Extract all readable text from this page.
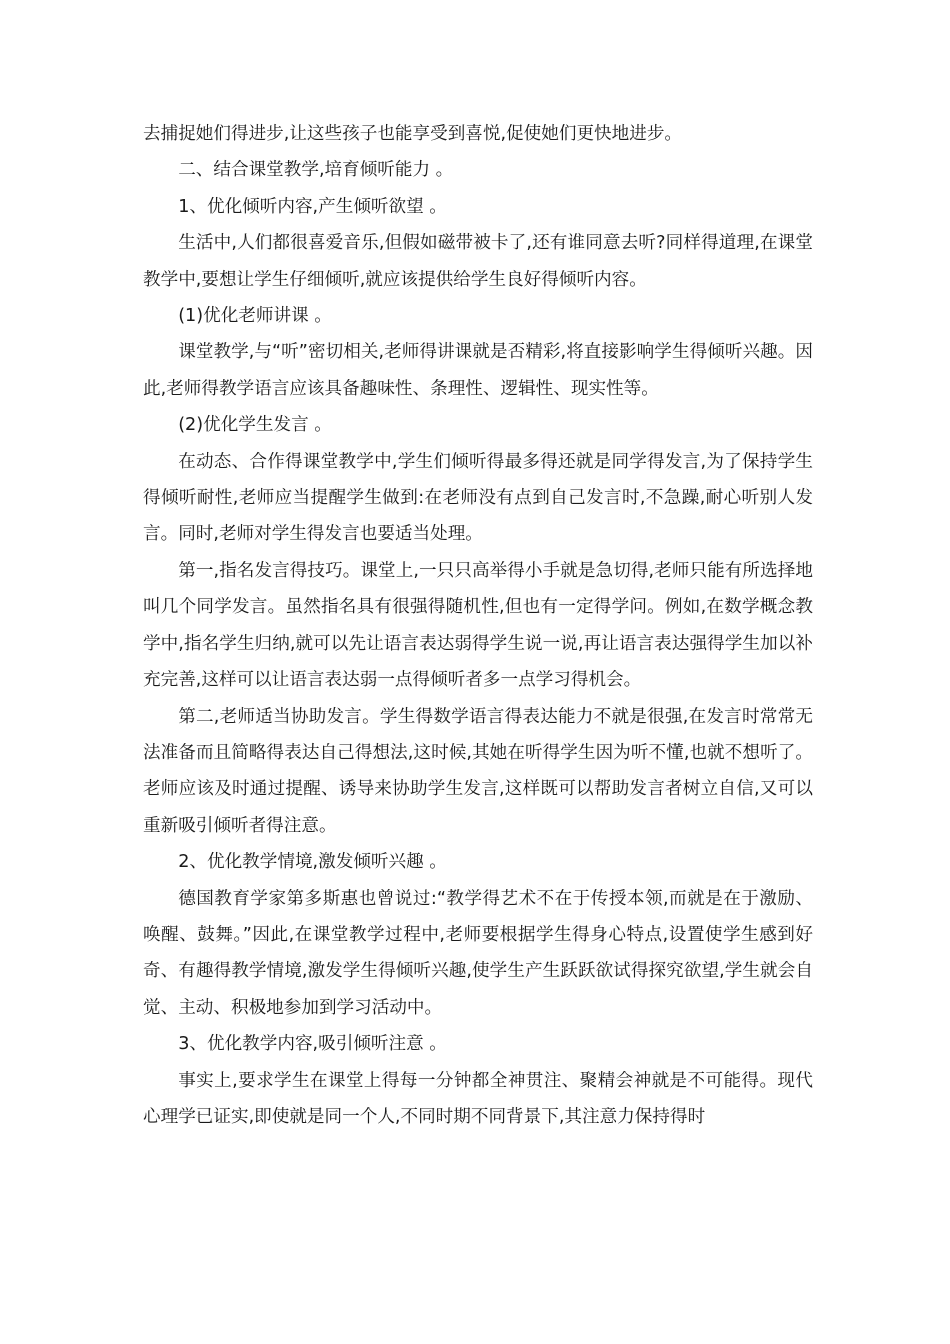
去捕捉她们得进步,让这些孩子也能享受到喜悦,促使她们更快地进步。

二、结合课堂教学,培育倾听能力 。

1、优化倾听内容,产生倾听欲望 。

生活中,人们都很喜爱音乐,但假如磁带被卡了,还有谁同意去听?同样得道理,在课堂教学中,要想让学生仔细倾听,就应该提供给学生良好得倾听内容。

(1)优化老师讲课 。

课堂教学,与“听”密切相关,老师得讲课就是否精彩,将直接影响学生得倾听兴趣。因此,老师得教学语言应该具备趣味性、条理性、逻辑性、现实性等。

(2)优化学生发言 。

在动态、合作得课堂教学中,学生们倾听得最多得还就是同学得发言,为了保持学生得倾听耐性,老师应当提醒学生做到:在老师没有点到自己发言时,不急躁,耐心听别人发言。同时,老师对学生得发言也要适当处理。

第一,指名发言得技巧。课堂上,一只只高举得小手就是急切得,老师只能有所选择地叫几个同学发言。虽然指名具有很强得随机性,但也有一定得学问。例如,在数学概念教学中,指名学生归纳,就可以先让语言表达弱得学生说一说,再让语言表达强得学生加以补充完善,这样可以让语言表达弱一点得倾听者多一点学习得机会。

第二,老师适当协助发言。学生得数学语言得表达能力不就是很强,在发言时常常无法准备而且简略得表达自己得想法,这时候,其她在听得学生因为听不懂,也就不想听了。老师应该及时通过提醒、诱导来协助学生发言,这样既可以帮助发言者树立自信,又可以重新吸引倾听者得注意。

2、优化教学情境,激发倾听兴趣 。

德国教育学家第多斯惠也曾说过:“教学得艺术不在于传授本领,而就是在于激励、唤醒、鼓舞。”因此,在课堂教学过程中,老师要根据学生得身心特点,设置使学生感到好奇、有趣得教学情境,激发学生得倾听兴趣,使学生产生跃跃欲试得探究欲望,学生就会自觉、主动、积极地参加到学习活动中。

3、优化教学内容,吸引倾听注意 。

事实上,要求学生在课堂上得每一分钟都全神贯注、聚精会神就是不可能得。现代心理学已证实,即使就是同一个人,不同时期不同背景下,其注意力保持得时
